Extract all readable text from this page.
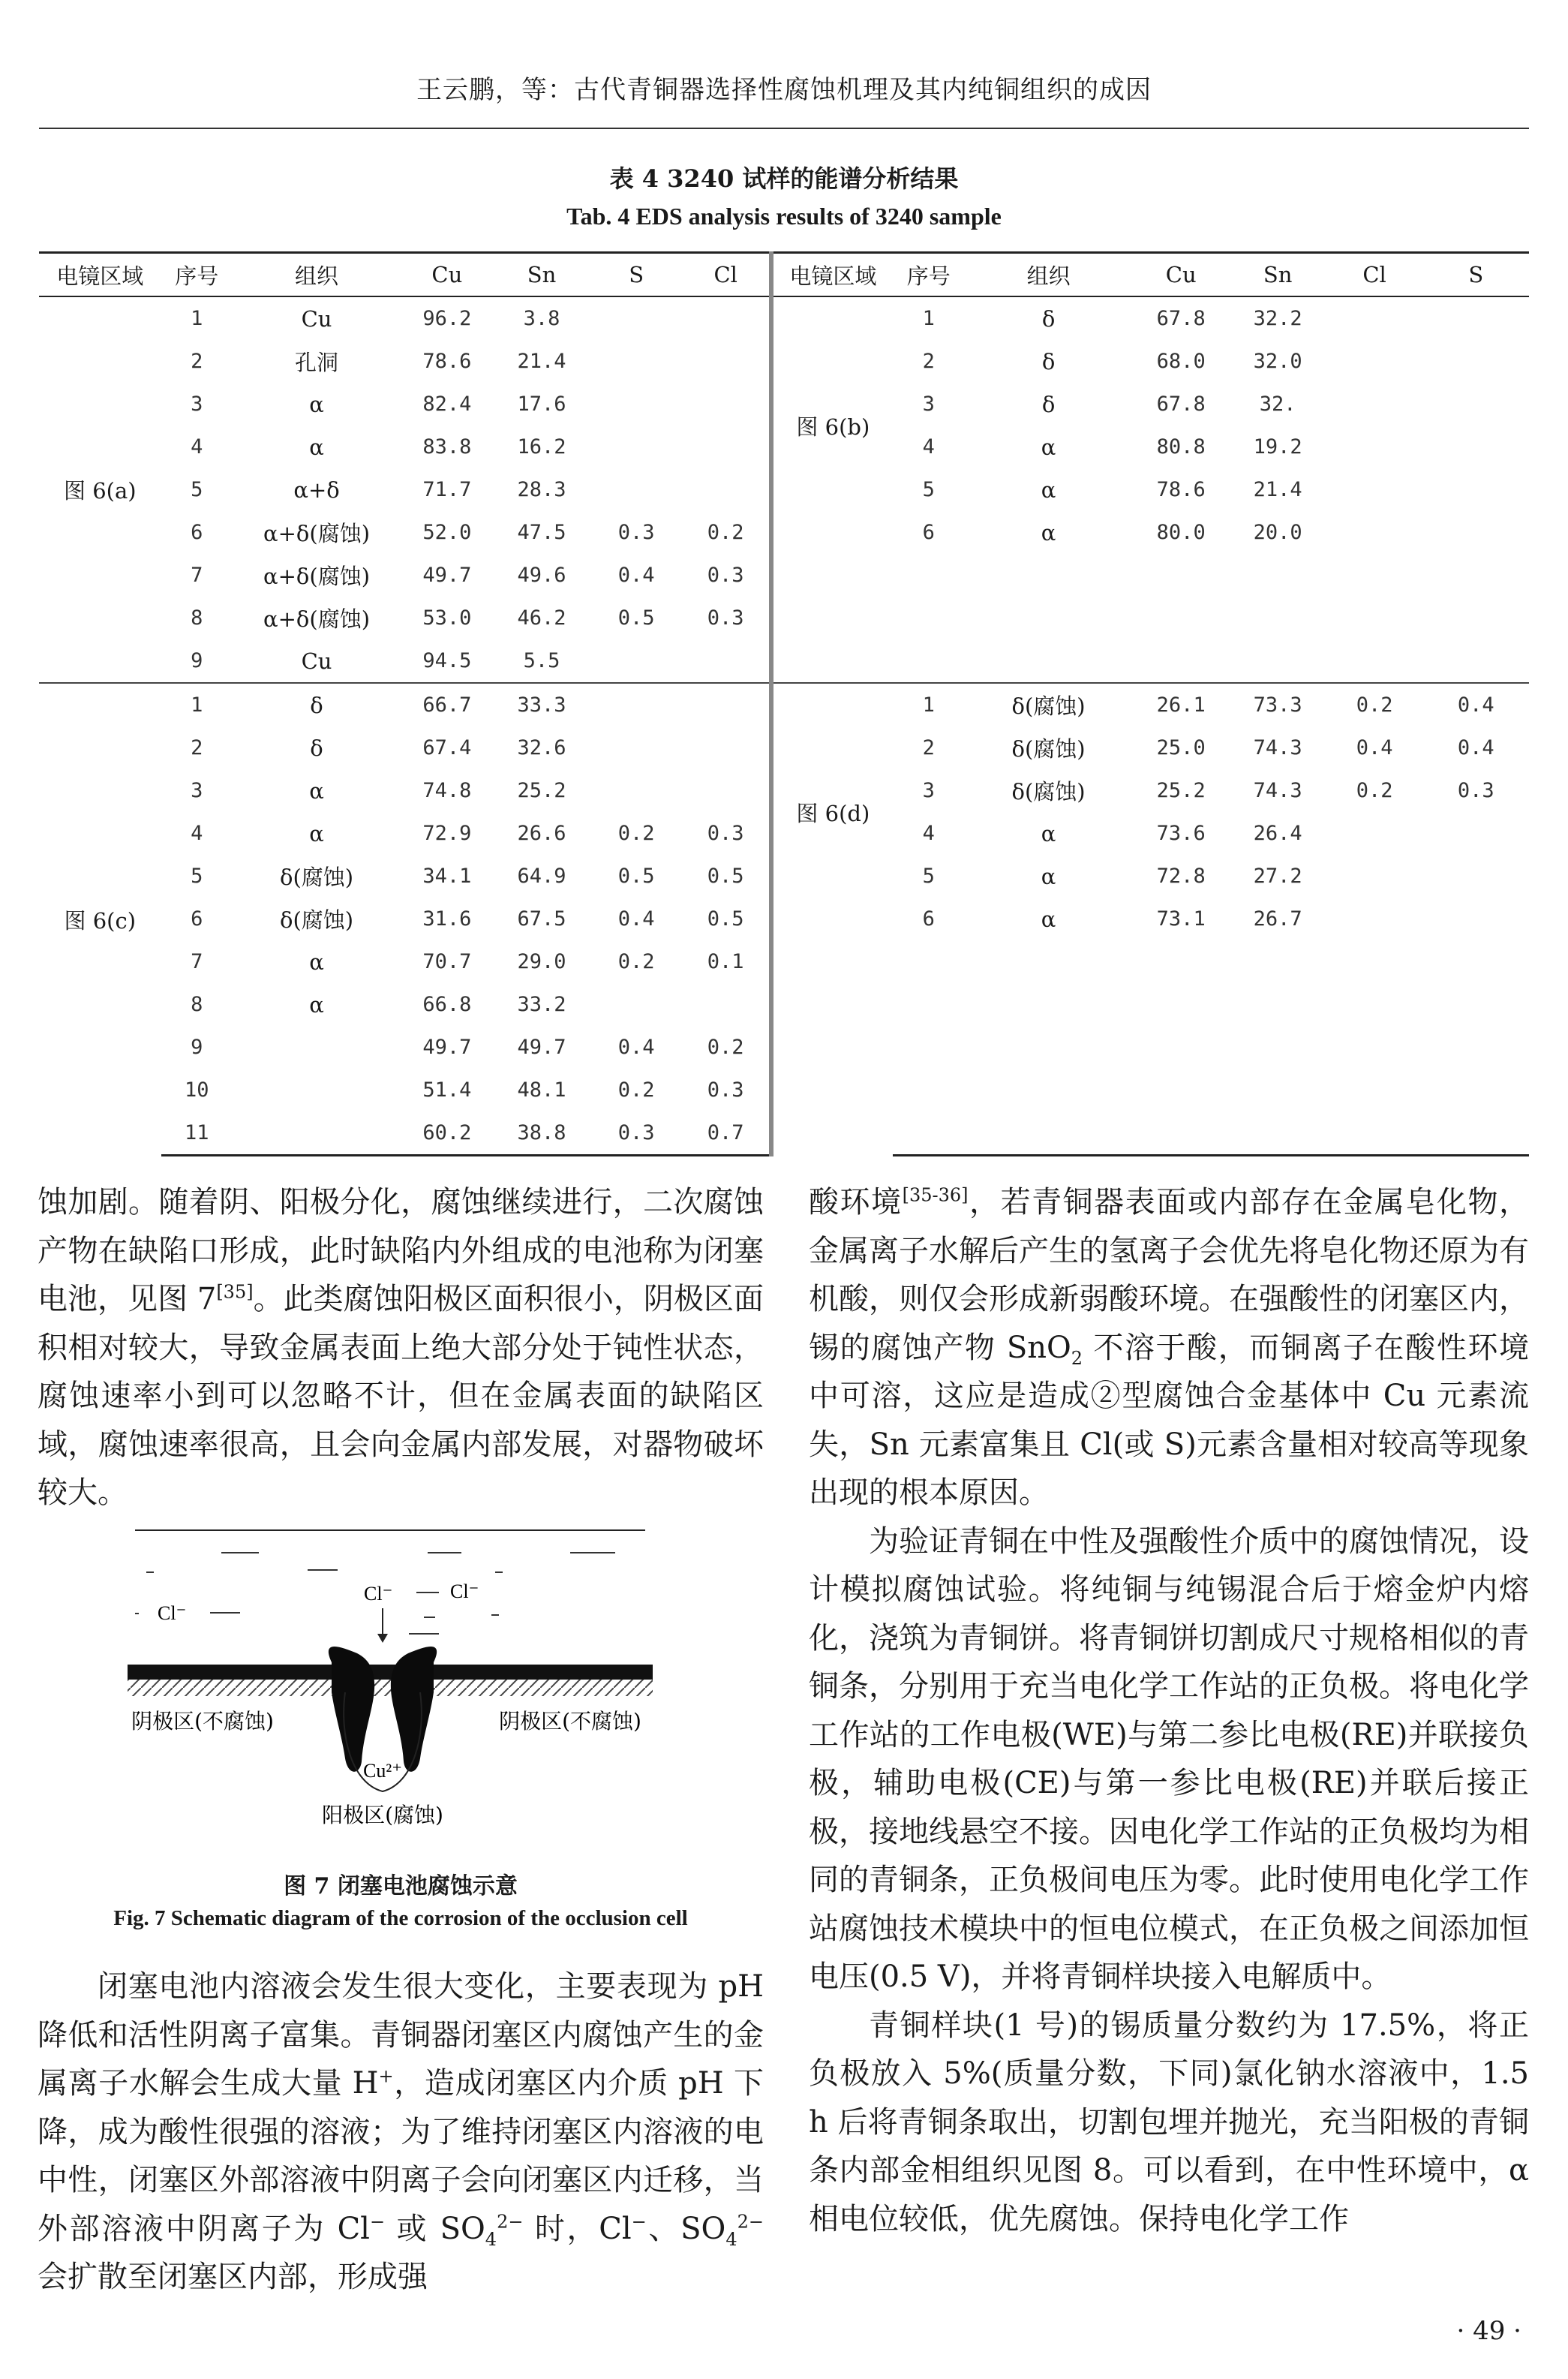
王云鹏，等：古代青铜器选择性腐蚀机理及其内纯铜组织的成因
表 4 3240 试样的能谱分析结果
Tab. 4 EDS analysis results of 3240 sample
电镜区域	序号	组织	Cu	Sn	S	Cl	电镜区域	序号	组织	Cu	Sn	Cl	S
图 6(a)	1	Cu	96.2	3.8			图 6(b)	1	δ	67.8	32.2		
	2	孔洞	78.6	21.4				2	δ	68.0	32.0		
	3	α	82.4	17.6				3	δ	67.8	32.		
	4	α	83.8	16.2				4	α	80.8	19.2		
	5	α+δ	71.7	28.3				5	α	78.6	21.4		
	6	α+δ(腐蚀)	52.0	47.5	0.3	0.2		6	α	80.0	20.0		
	7	α+δ(腐蚀)	49.7	49.6	0.4	0.3							
	8	α+δ(腐蚀)	53.0	46.2	0.5	0.3							
	9	Cu	94.5	5.5									
图 6(c)	1	δ	66.7	33.3			图 6(d)	1	δ(腐蚀)	26.1	73.3	0.2	0.4
	2	δ	67.4	32.6				2	δ(腐蚀)	25.0	74.3	0.4	0.4
	3	α	74.8	25.2				3	δ(腐蚀)	25.2	74.3	0.2	0.3
	4	α	72.9	26.6	0.2	0.3		4	α	73.6	26.4		
	5	δ(腐蚀)	34.1	64.9	0.5	0.5		5	α	72.8	27.2		
	6	δ(腐蚀)	31.6	67.5	0.4	0.5		6	α	73.1	26.7		
	7	α	70.7	29.0	0.2	0.1							
	8	α	66.8	33.2									
	9		49.7	49.7	0.4	0.2							
	10		51.4	48.1	0.2	0.3							
	11		60.2	38.8	0.3	0.7							

蚀加剧。随着阴、阳极分化，腐蚀继续进行，二次腐蚀产物在缺陷口形成，此时缺陷内外组成的电池称为闭塞电池，见图 7[35]。此类腐蚀阳极区面积很小，阴极区面积相对较大，导致金属表面上绝大部分处于钝性状态，腐蚀速率小到可以忽略不计，但在金属表面的缺陷区域，腐蚀速率很高，且会向金属内部发展，对器物破坏较大。

Cl⁻
Cl⁻	Cl⁻
阴极区(不腐蚀)	阴极区(不腐蚀)
Cu²⁺
阳极区(腐蚀)
图 7 闭塞电池腐蚀示意
Fig. 7 Schematic diagram of the corrosion of the occlusion cell

闭塞电池内溶液会发生很大变化，主要表现为 pH 降低和活性阴离子富集。青铜器闭塞区内腐蚀产生的金属离子水解会生成大量 H+，造成闭塞区内介质 pH 下降，成为酸性很强的溶液；为了维持闭塞区内溶液的电中性，闭塞区外部溶液中阴离子会向闭塞区内迁移，当外部溶液中阴离子为 Cl− 或 $SO_4^{2-}$ 时，Cl−、$SO_4^{2-}$ 会扩散至闭塞区内部，形成强

酸环境[35-36]，若青铜器表面或内部存在金属皂化物，金属离子水解后产生的氢离子会优先将皂化物还原为有机酸，则仅会形成新弱酸环境。在强酸性的闭塞区内，锡的腐蚀产物 SnO$_2$ 不溶于酸，而铜离子在酸性环境中可溶，这应是造成②型腐蚀合金基体中 Cu 元素流失，Sn 元素富集且 Cl(或 S)元素含量相对较高等现象出现的根本原因。

为验证青铜在中性及强酸性介质中的腐蚀情况，设计模拟腐蚀试验。将纯铜与纯锡混合后于熔金炉内熔化，浇筑为青铜饼。将青铜饼切割成尺寸规格相似的青铜条，分别用于充当电化学工作站的正负极。将电化学工作站的工作电极(WE)与第二参比电极(RE)并联接负极，辅助电极(CE)与第一参比电极(RE)并联后接正极，接地线悬空不接。因电化学工作站的正负极均为相同的青铜条，正负极间电压为零。此时使用电化学工作站腐蚀技术模块中的恒电位模式，在正负极之间添加恒电压(0.5 V)，并将青铜样块接入电解质中。

青铜样块(1 号)的锡质量分数约为 17.5%，将正负极放入 5%(质量分数，下同)氯化钠水溶液中，1.5 h 后将青铜条取出，切割包埋并抛光，充当阳极的青铜条内部金相组织见图 8。可以看到，在中性环境中，α 相电位较低，优先腐蚀。保持电化学工作

· 49 ·
